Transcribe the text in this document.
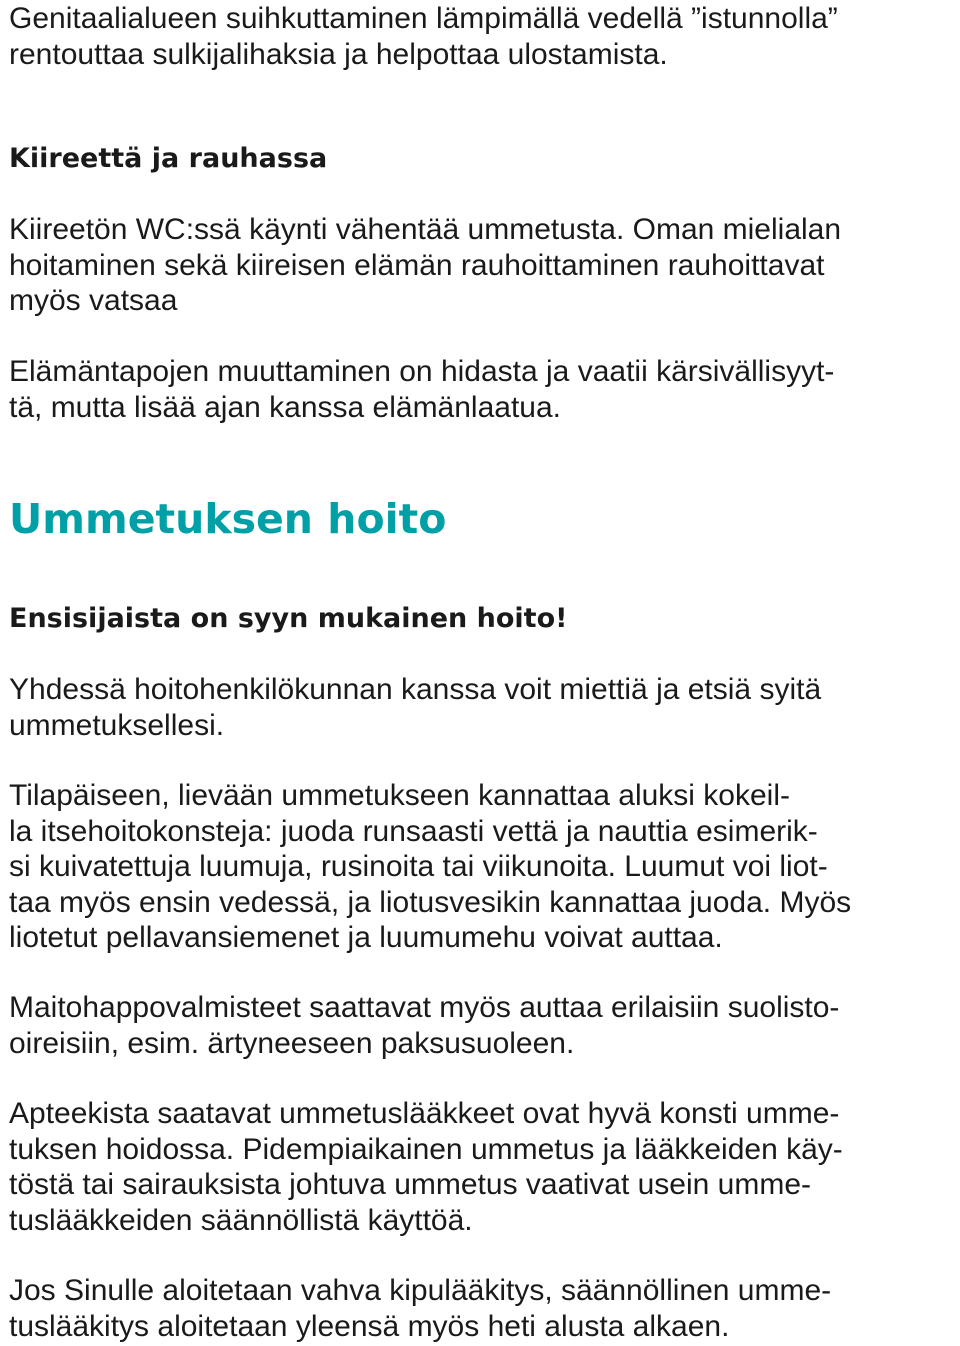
Genitaalialueen suihkuttaminen lämpimällä vedellä ”istunnolla”
rentouttaa sulkijalihaksia ja helpottaa ulostamista.
Kiireettä ja rauhassa
Kiireetön WC:ssä käynti vähentää ummetusta. Oman mielialan
hoitaminen sekä kiireisen elämän rauhoittaminen rauhoittavat
myös vatsaa
Elämäntapojen muuttaminen on hidasta ja vaatii kärsivällisyyt-
tä, mutta lisää ajan kanssa elämänlaatua.
Ummetuksen hoito
Ensisijaista on syyn mukainen hoito!
Yhdessä hoitohenkilökunnan kanssa voit miettiä ja etsiä syitä
ummetuksellesi.
Tilapäiseen, lievään ummetukseen kannattaa aluksi kokeil-
la itsehoitokonsteja: juoda runsaasti vettä ja nauttia esimerik-
si kuivatettuja luumuja, rusinoita tai viikunoita. Luumut voi liot-
taa myös ensin vedessä, ja liotusvesikin kannattaa juoda. Myös
liotetut pellavansiemenet ja luumumehu voivat auttaa.
Maitohappovalmisteet saattavat myös auttaa erilaisiin suolisto-
oireisiin, esim. ärtyneeseen paksusuoleen.
Apteekista saatavat ummetuslääkkeet ovat hyvä konsti umme-
tuksen hoidossa. Pidempiaikainen ummetus ja lääkkeiden käy-
töstä tai sairauksista johtuva ummetus vaativat usein umme-
tuslääkkeiden säännöllistä käyttöä.
Jos Sinulle aloitetaan vahva kipulääkitys, säännöllinen umme-
tuslääkitys aloitetaan yleensä myös heti alusta alkaen.
